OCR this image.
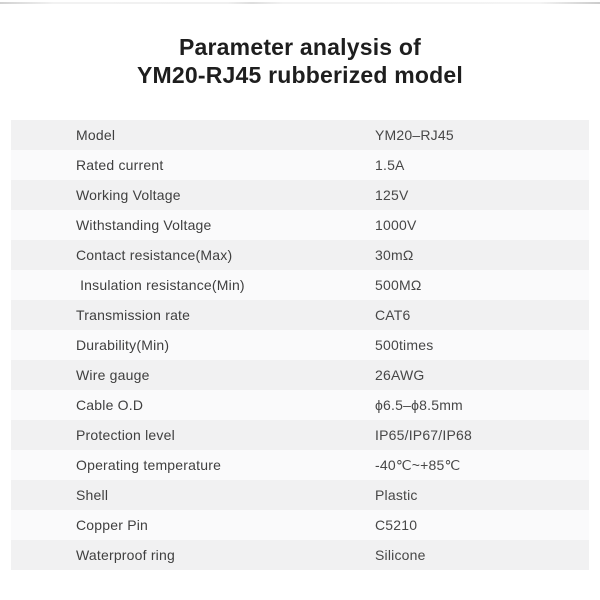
Parameter analysis of
YM20-RJ45 rubberized model
Model	YM20–RJ45
Rated current	1.5A
Working Voltage	125V
Withstanding Voltage	1000V
Contact resistance(Max)	30mΩ
Insulation resistance(Min)	500MΩ
Transmission rate	CAT6
Durability(Min)	500times
Wire gauge	26AWG
Cable O.D	ϕ6.5–ϕ8.5mm
Protection level	IP65/IP67/IP68
Operating temperature	-40℃~+85℃
Shell	Plastic
Copper Pin	C5210
Waterproof ring	Silicone
